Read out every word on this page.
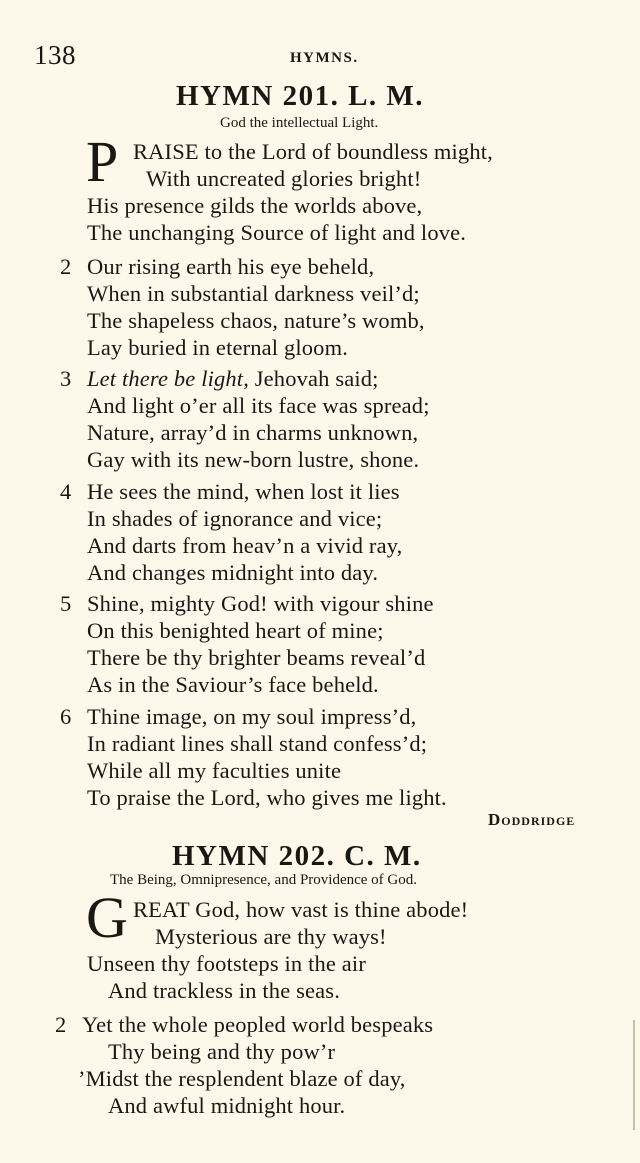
138	HYMNS.
HYMN 201. L. M.
God the intellectual Light.
P RAISE to the Lord of boundless might,
With uncreated glories bright!
His presence gilds the worlds above,
The unchanging Source of light and love.
2 Our rising earth his eye beheld,
When in substantial darkness veil’d;
The shapeless chaos, nature’s womb,
Lay buried in eternal gloom.
3 Let there be light, Jehovah said;
And light o’er all its face was spread;
Nature, array’d in charms unknown,
Gay with its new-born lustre, shone.
4 He sees the mind, when lost it lies
In shades of ignorance and vice;
And darts from heav’n a vivid ray,
And changes midnight into day.
5 Shine, mighty God! with vigour shine
On this benighted heart of mine;
There be thy brighter beams reveal’d
As in the Saviour’s face beheld.
6 Thine image, on my soul impress’d,
In radiant lines shall stand confess’d;
While all my faculties unite
To praise the Lord, who gives me light.
Doddridge
HYMN 202. C. M.
The Being, Omnipresence, and Providence of God.
G REAT God, how vast is thine abode!
Mysterious are thy ways!
Unseen thy footsteps in the air
And trackless in the seas.
2 Yet the whole peopled world bespeaks
Thy being and thy pow’r
’Midst the resplendent blaze of day,
And awful midnight hour.
